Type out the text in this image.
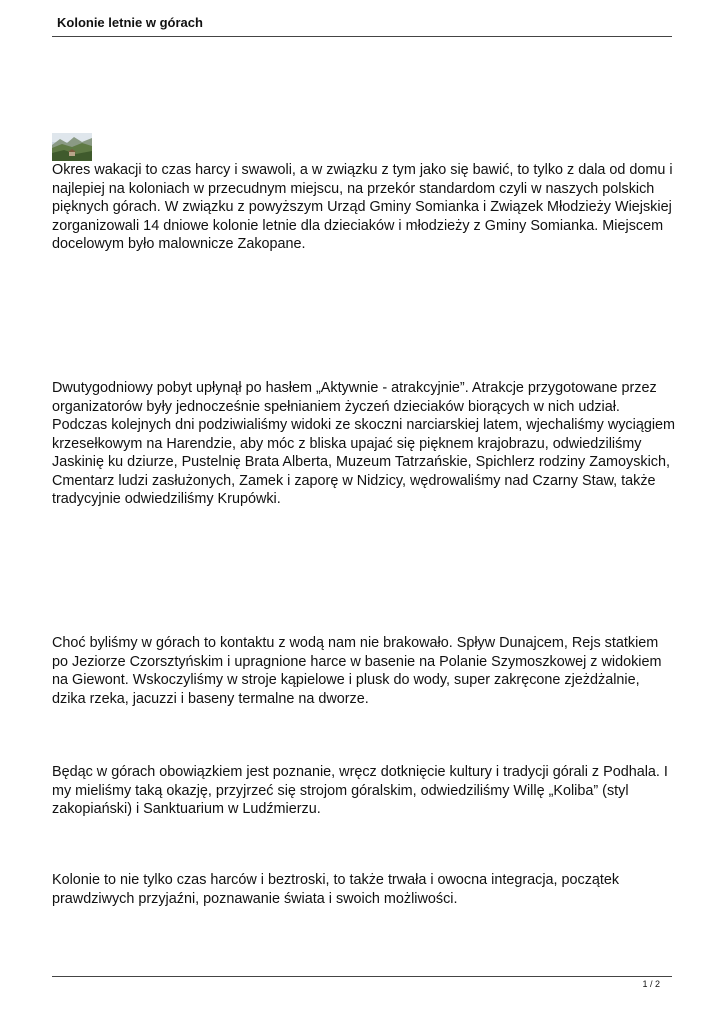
Kolonie letnie w górach

Okres wakacji to czas harcy i swawoli, a w związku z tym jako się bawić, to tylko z dala od domu i najlepiej na koloniach w przecudnym miejscu, na przekór standardom czyli w naszych polskich pięknych górach. W związku z powyższym Urząd Gminy Somianka i Związek Młodzieży Wiejskiej zorganizowali 14 dniowe kolonie letnie dla dzieciaków i młodzieży z Gminy Somianka. Miejscem docelowym było malownicze Zakopane.

Dwutygodniowy pobyt upłynął po hasłem „Aktywnie - atrakcyjnie”. Atrakcje przygotowane przez organizatorów były jednocześnie spełnianiem życzeń dzieciaków biorących w nich udział. Podczas kolejnych dni podziwialiśmy widoki ze skoczni narciarskiej latem, wjechaliśmy wyciągiem krzesełkowym na Harendzie, aby móc z bliska upajać się pięknem krajobrazu, odwiedziliśmy Jaskinię ku dziurze, Pustelnię Brata Alberta, Muzeum Tatrzańskie, Spichlerz rodziny Zamoyskich, Cmentarz ludzi zasłużonych, Zamek i zaporę w Nidzicy, wędrowaliśmy nad Czarny Staw, także tradycyjnie odwiedziliśmy Krupówki.

Choć byliśmy w górach to kontaktu z wodą nam nie brakowało. Spływ Dunajcem, Rejs statkiem po Jeziorze Czorsztyńskim i upragnione harce w basenie na Polanie Szymoszkowej z widokiem na Giewont. Wskoczyliśmy w stroje kąpielowe i plusk do wody, super zakręcone zjeżdżalnie, dzika rzeka, jacuzzi i baseny termalne na dworze.

Będąc w górach obowiązkiem jest poznanie, wręcz dotknięcie kultury i tradycji górali z Podhala. I my mieliśmy taką okazję, przyjrzeć się strojom góralskim, odwiedziliśmy Willę „Koliba” (styl zakopiański) i Sanktuarium w Ludźmierzu.

Kolonie to nie tylko czas harców i beztroski, to także trwała i owocna integracja, początek prawdziwych przyjaźni, poznawanie świata i swoich możliwości.

1 / 2
